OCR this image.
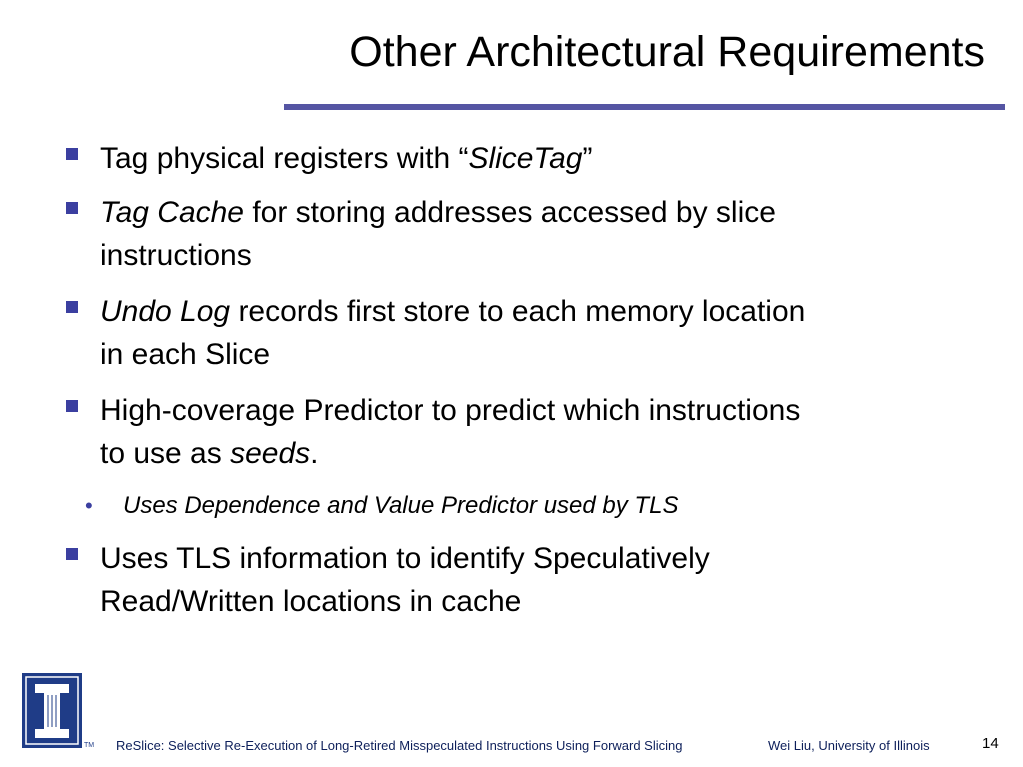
Other Architectural Requirements
Tag physical registers with “SliceTag”
Tag Cache for storing addresses accessed by slice
instructions
Undo Log records first store to each memory location
in each Slice
High-coverage Predictor to predict which instructions
to use as seeds.
• Uses Dependence and Value Predictor used by TLS
Uses TLS information to identify Speculatively
Read/Written locations in cache
TM ReSlice: Selective Re-Execution of Long-Retired Misspeculated Instructions Using Forward Slicing	Wei Liu, University of Illinois	14
